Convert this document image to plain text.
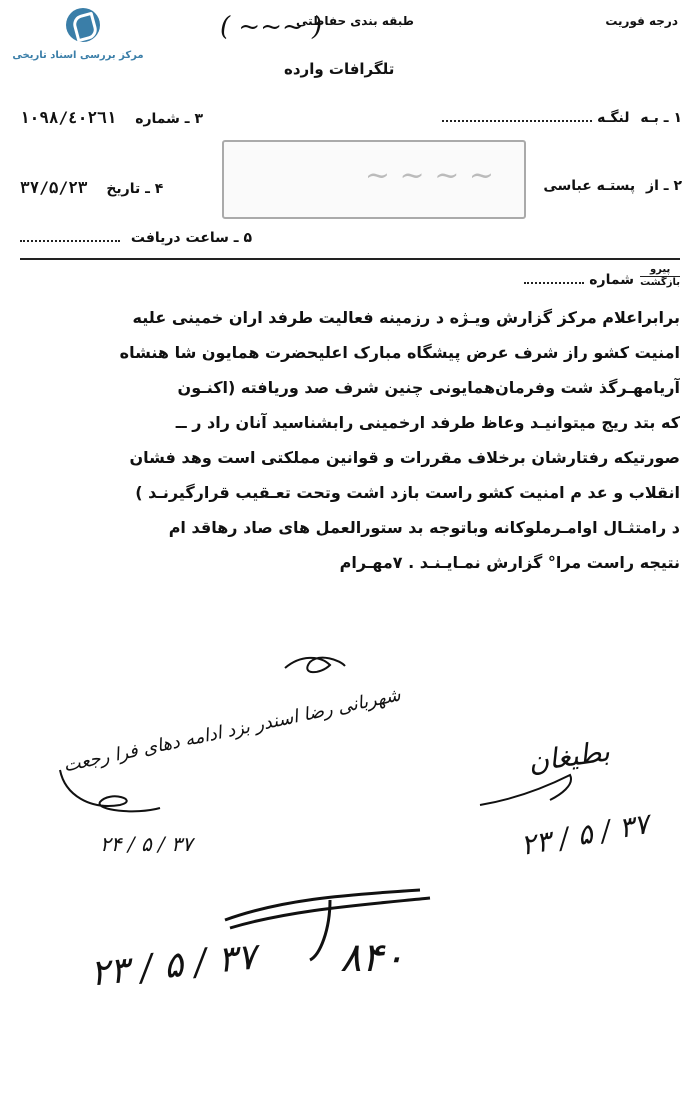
مرکز بررسی اسناد تاریخی
( ~~~ )	درجه فوریت
طبقه بندی حفاظتی
تلگرافات وارده
۱ ـ بـه لنگـه
۳ ـ شماره ۱۰۹۸/٤٠٢٦١
~ ~ ~ ~	۲ ـ از پستـه عباسی
۴ ـ تاریخ ۳۷/۵/۲۳
۵ ـ ساعت دریافت
پیرو
بازگشت
شماره
برابراعلام مرکز گزارش ویـژه د رزمینه فعالیت طرفد اران خمینی علیه
امنیت کشو راز شرف عرض پیشگاه مبارک اعلیحضرت همایون شا هنشاه
آریامهـرگذ شت وفرمان‌همایونی چنین شرف صد وریافته (اکنـون
که بتد ریج میتوانیـد وعاظ طرفد ارخمینی رابشناسید آنان راد ر ــ
صورتیکه رفتارشان برخلاف مقررات و قوانین مملکتی است وهد فشان
انقلاب و عد م امنیت کشو راست بازد اشت وتحت تعـقیب قرارگیرنـد )
د رامتثـال اوامـرملوکانه وباتوجه بد ستورالعمل های صاد رهاقد ام
نتیجه راست مرا° گزارش نمـایـنـد . ۷مهـرام
بطیغان
۲۳ / ۵ / ۳۷
شهربانی رضا اسندر بزد ادامه دهای فرا رجعت
۲۴ / ۵ / ۳۷
۸۴۰
۲۳ / ۵ / ۳۷
